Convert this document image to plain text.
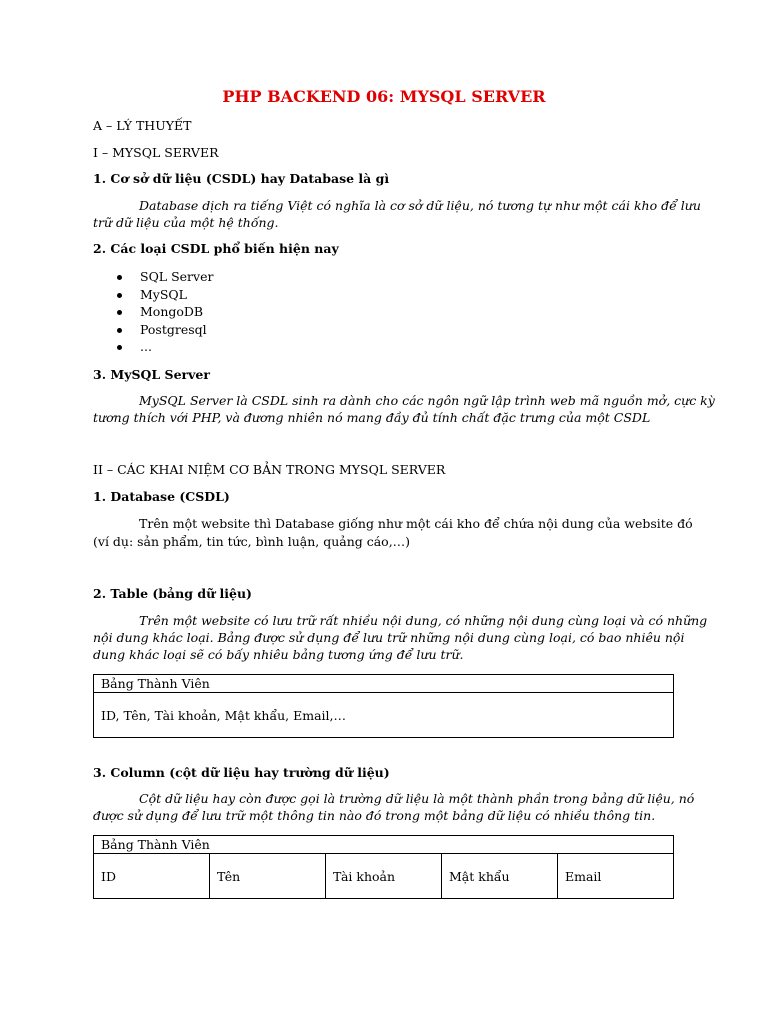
PHP BACKEND 06: MYSQL SERVER
A – LÝ THUYẾT
I – MYSQL SERVER
1. Cơ sở dữ liệu (CSDL) hay Database là gì
Database dịch ra tiếng Việt có nghĩa là cơ sở dữ liệu, nó tương tự như một cái kho để lưu
trữ dữ liệu của một hệ thống.
2. Các loại CSDL phổ biến hiện nay
SQL Server
MySQL
MongoDB
Postgresql
...
3. MySQL Server
MySQL Server là CSDL sinh ra dành cho các ngôn ngữ lập trình web mã nguồn mở, cực kỳ
tương thích với PHP, và đương nhiên nó mang đầy đủ tính chất đặc trưng của một CSDL
II – CÁC KHAI NIỆM CƠ BẢN TRONG MYSQL SERVER
1. Database (CSDL)
Trên một website thì Database giống như một cái kho để chứa nội dung của website đó
(ví dụ: sản phẩm, tin tức, bình luận, quảng cáo,…)
2. Table (bảng dữ liệu)
Trên một website có lưu trữ rất nhiều nội dung, có những nội dung cùng loại và có những
nội dung khác loại. Bảng được sử dụng để lưu trữ những nội dung cùng loại, có bao nhiêu nội
dung khác loại sẽ có bấy nhiêu bảng tương ứng để lưu trữ.
Bảng Thành Viên
ID, Tên, Tài khoản, Mật khẩu, Email,…
3. Column (cột dữ liệu hay trường dữ liệu)
Cột dữ liệu hay còn được gọi là trường dữ liệu là một thành phần trong bảng dữ liệu, nó
được sử dụng để lưu trữ một thông tin nào đó trong một bảng dữ liệu có nhiều thông tin.
Bảng Thành Viên
ID	Tên	Tài khoản	Mật khẩu	Email
